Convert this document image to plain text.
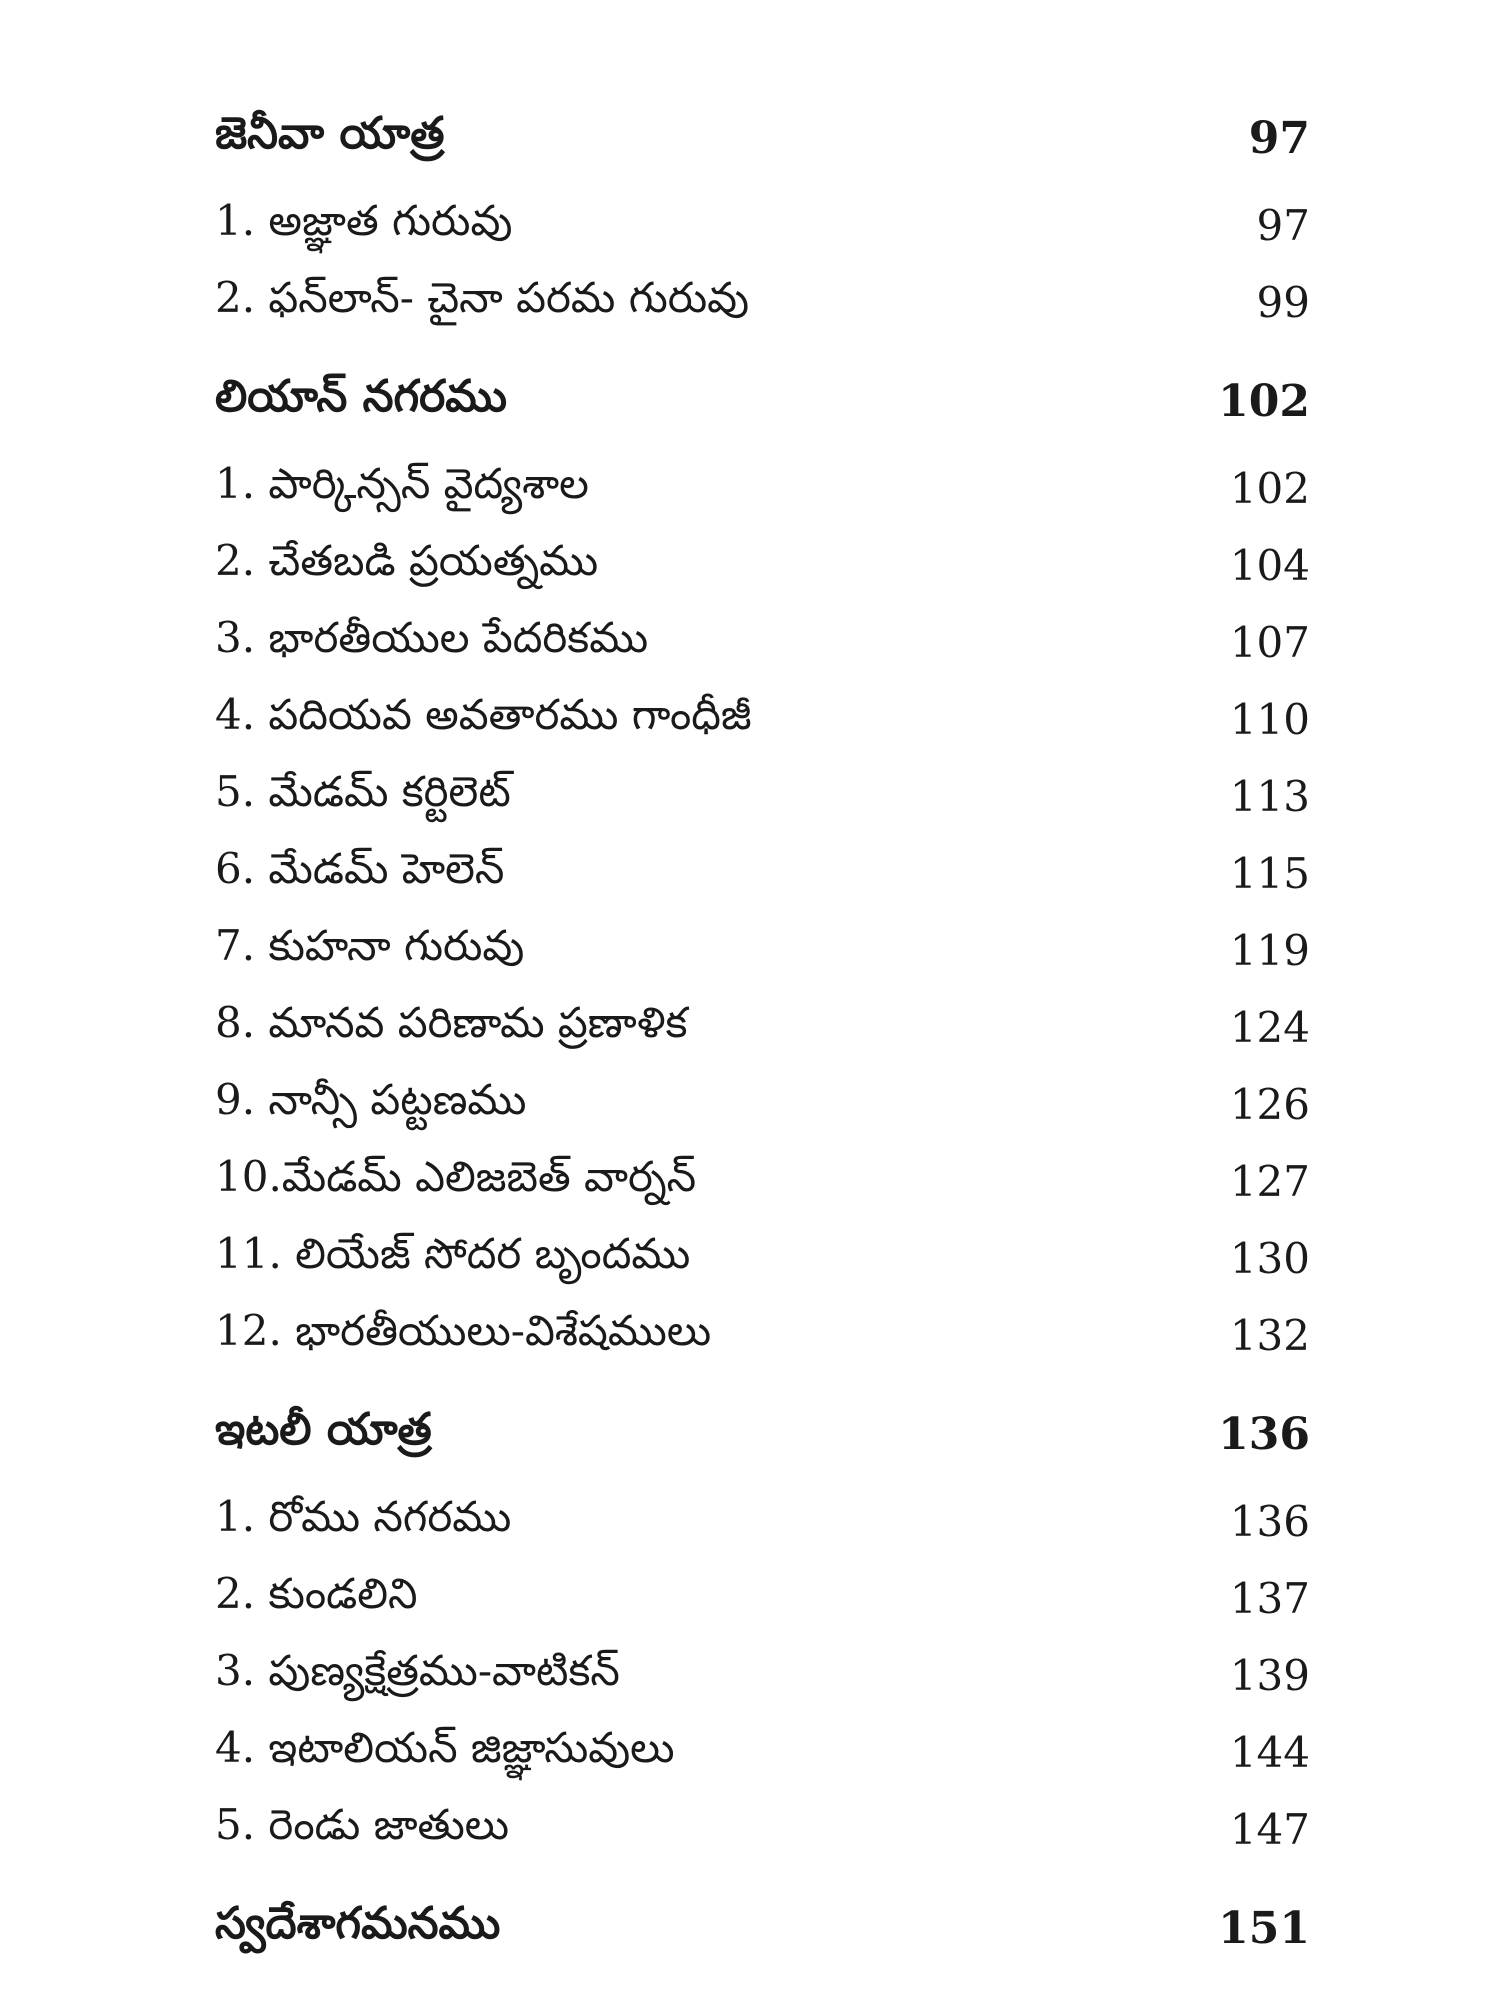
జెనీవా యాత్ర	97
1. అజ్ఞాత గురువు	97
2. ఫన్‌లాన్- చైనా పరమ గురువు	99
లియాన్ నగరము	102
1. పార్కిన్సన్ వైద్యశాల	102
2. చేతబడి ప్రయత్నము	104
3. భారతీయుల పేదరికము	107
4. పదియవ అవతారము గాంధీజీ	110
5. మేడమ్ కర్టిలెట్	113
6. మేడమ్ హెలెన్	115
7. కుహనా గురువు	119
8. మానవ పరిణామ ప్రణాళిక	124
9. నాన్సీ పట్టణము	126
10.మేడమ్ ఎలిజబెత్ వార్నన్	127
11. లియేజ్ సోదర బృందము	130
12. భారతీయులు-విశేషములు	132
ఇటలీ యాత్ర	136
1. రోము నగరము	136
2. కుండలిని	137
3. పుణ్యక్షేత్రము-వాటికన్	139
4. ఇటాలియన్ జిజ్ఞాసువులు	144
5. రెండు జాతులు	147
స్వదేశాగమనము	151
